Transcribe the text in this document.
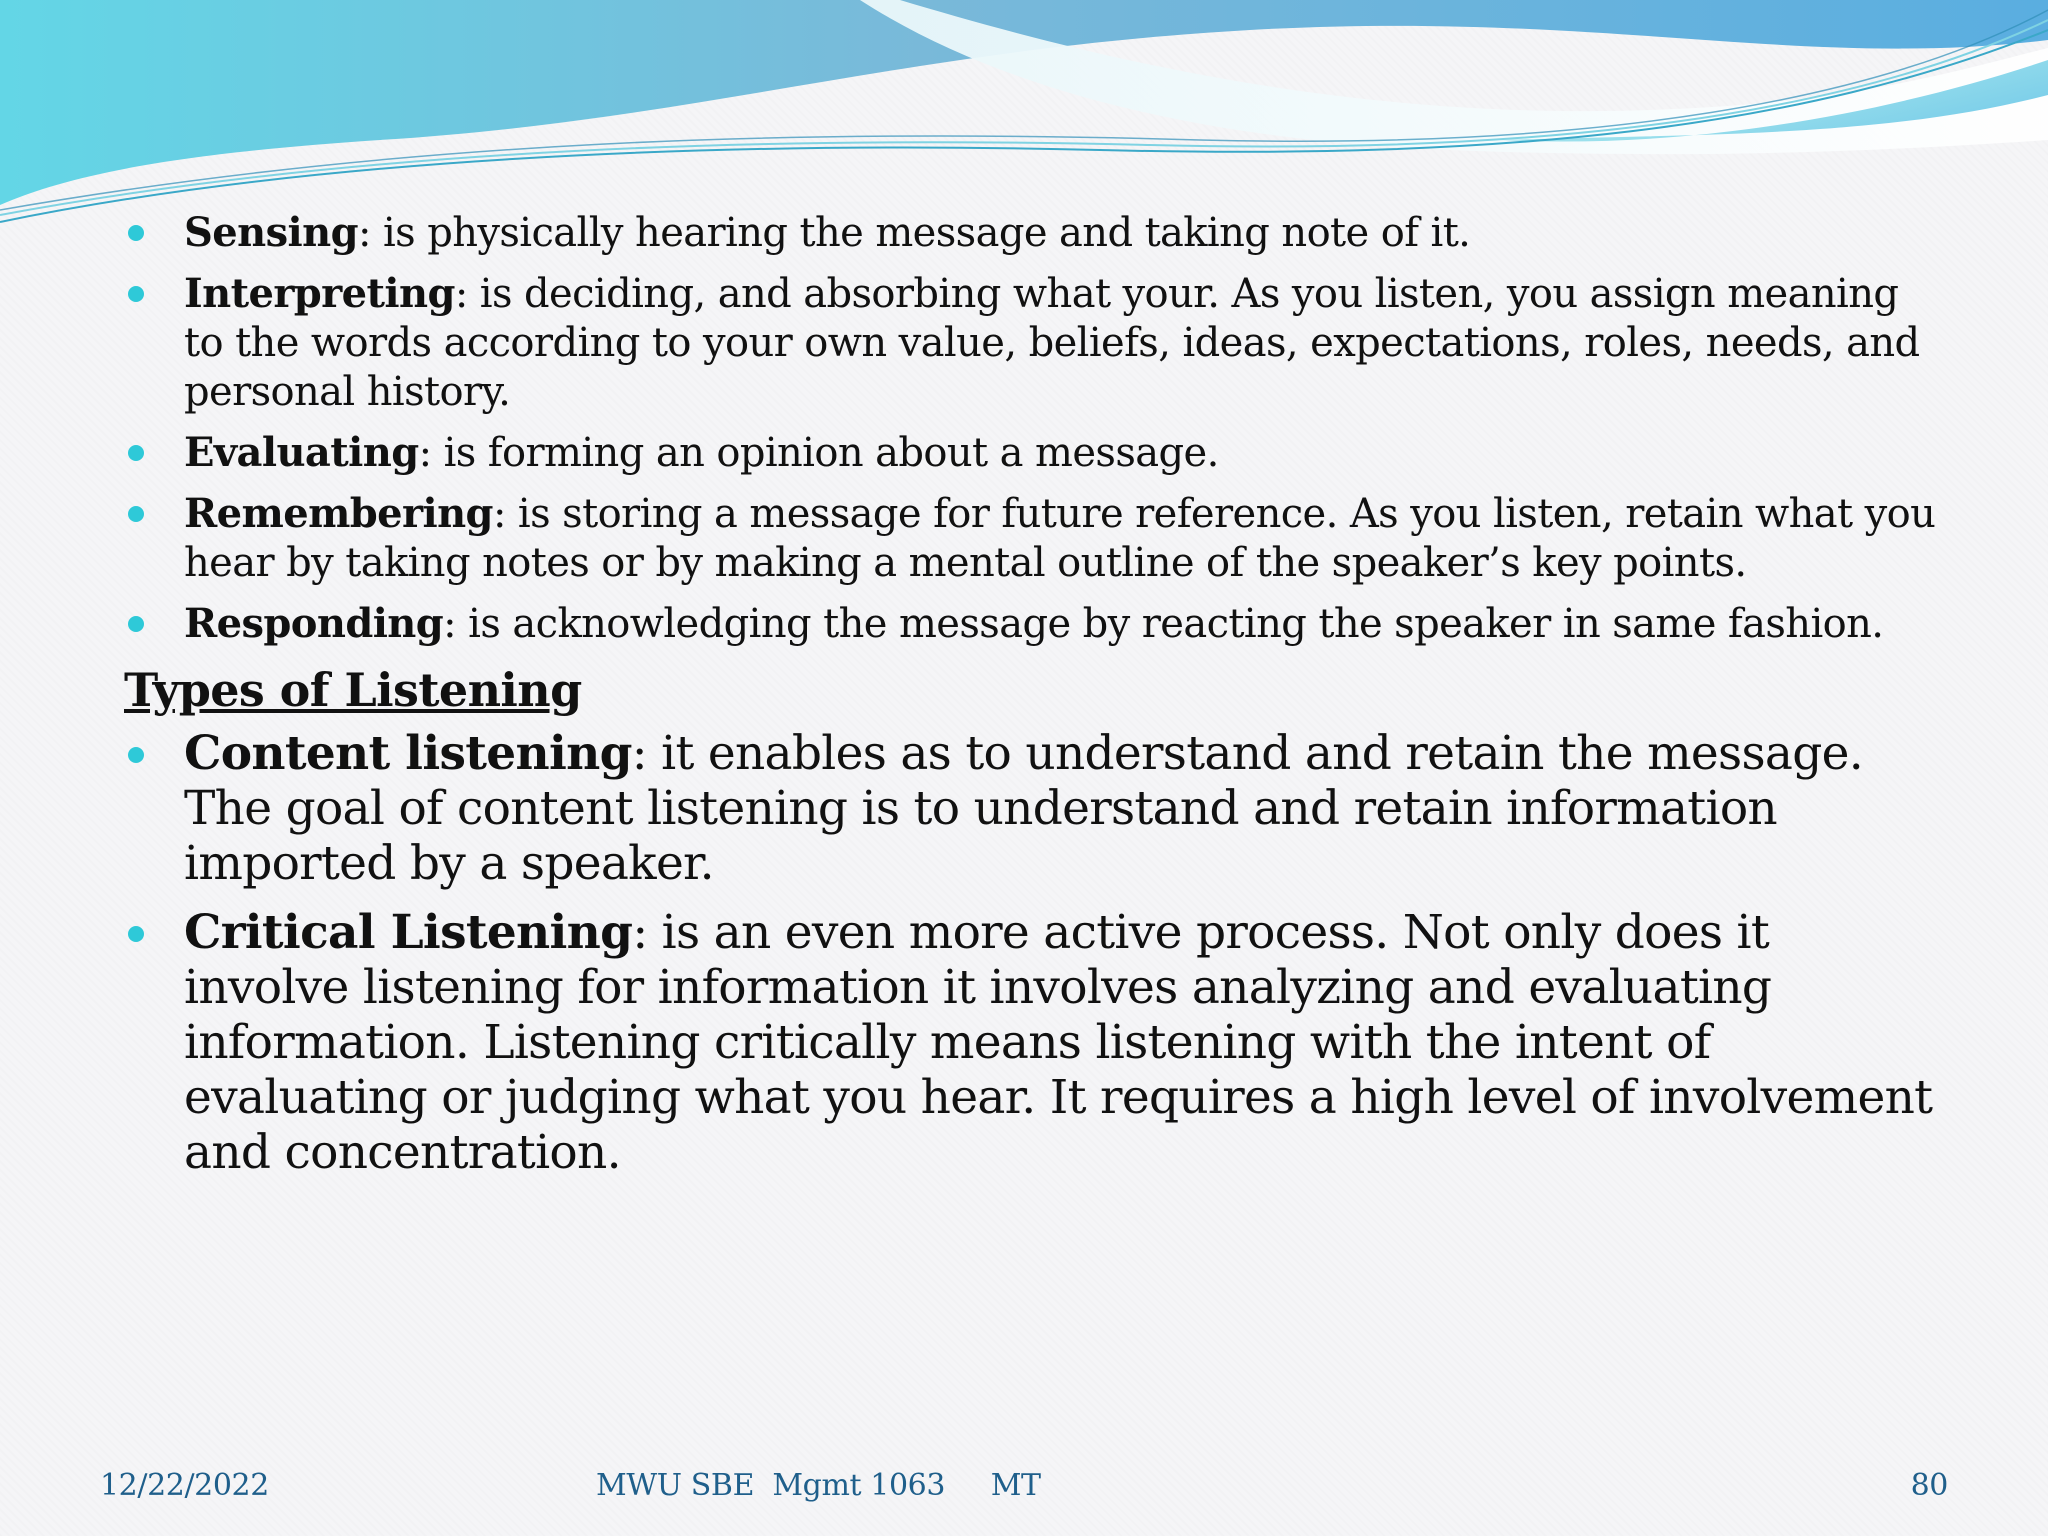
Sensing: is physically hearing the message and taking note of it.
Interpreting: is deciding, and absorbing what your. As you listen, you assign meaning to the words according to your own value, beliefs, ideas, expectations, roles, needs, and personal history.
Evaluating: is forming an opinion about a message.
Remembering: is storing a message for future reference. As you listen, retain what you hear by taking notes or by making a mental outline of the speaker’s key points.
Responding: is acknowledging the message by reacting the speaker in same fashion.
Types of Listening
Content listening: it enables as to understand and retain the message. The goal of content listening is to understand and retain information imported by a speaker.
Critical Listening: is an even more active process. Not only does it involve listening for information it involves analyzing and evaluating information. Listening critically means listening with the intent of evaluating or judging what you hear. It requires a high level of involvement and concentration.
12/22/2022	MWU SBE  Mgmt 1063     MT	80
